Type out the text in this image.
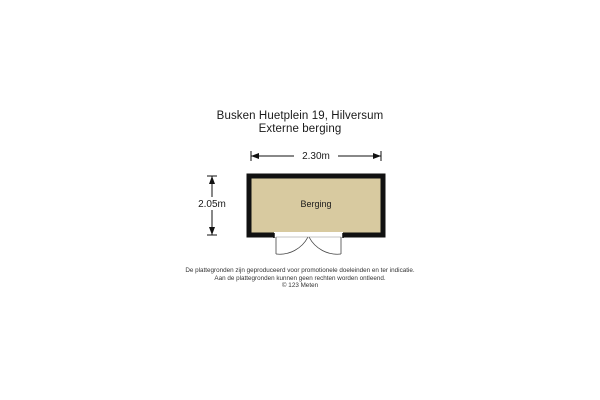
Busken Huetplein 19, Hilversum
Externe berging
2.30m
2.05m	Berging
De plattegronden zijn geproduceerd voor promotionele doeleinden en ter indicatie.
Aan de plattegronden kunnen geen rechten worden ontleend.
© 123 Meten
